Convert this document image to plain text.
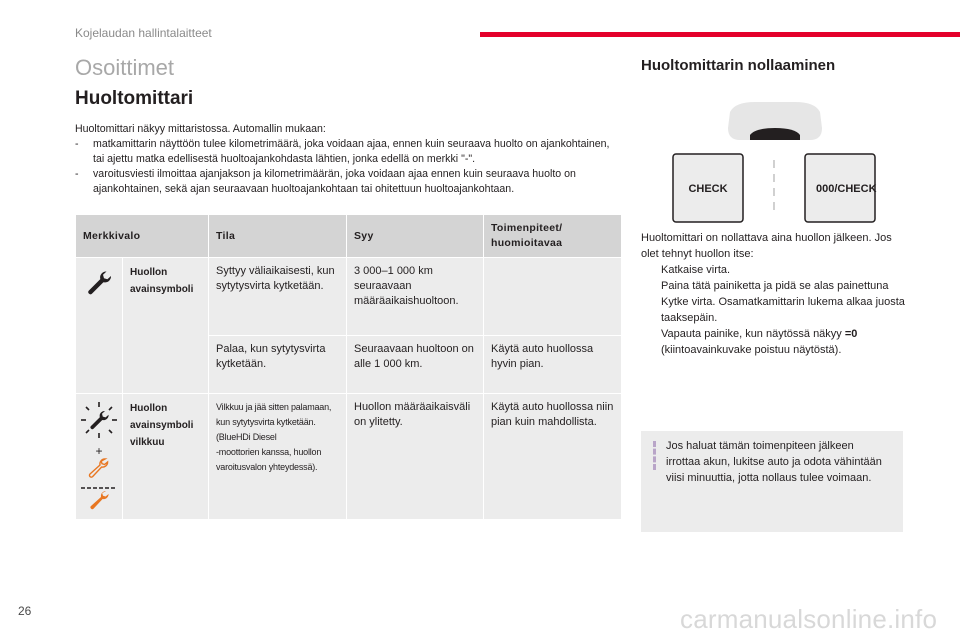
Kojelaudan hallintalaitteet
Osoittimet
Huoltomittari

Huoltomittari näkyy mittaristossa. Automallin mukaan:

- matkamittarin näyttöön tulee kilometrimäärä, joka voidaan ajaa, ennen kuin seuraava huolto on ajankohtainen, tai ajettu matka edellisestä huoltoajankohdasta lähtien, jonka edellä on merkki "-".

- varoitusviesti ilmoittaa ajanjakson ja kilometrimäärän, joka voidaan ajaa ennen kuin seuraava huolto on ajankohtainen, sekä ajan seuraavaan huoltoajankohtaan tai ohitettuun huoltoajankohtaan.

Merkkivalo		Tila	Syy	Toimenpiteet/ huomioitavaa
	Huollon avainsymboli	Syttyy väliaikaisesti, kun sytytysvirta kytketään.	3 000–1 000 km seuraavaan määräaikaishuoltoon.	
		Palaa, kun sytytysvirta kytketään.	Seuraavaan huoltoon on alle 1 000 km.	Käytä auto huollossa hyvin pian.

+	Huollon avainsymboli vilkkuu	Vilkkuu ja jää sitten palamaan, kun sytytysvirta kytketään.
(BlueHDi Diesel
-moottorien kanssa, huollon varoitusvalon yhteydessä).	Huollon määräaikaisväli on ylitetty.	Käytä auto huollossa niin pian kuin mahdollista.
Huoltomittarin nollaaminen
CHECK	000/CHECK

Huoltomittari on nollattava aina huollon jälkeen. Jos olet tehnyt huollon itse:

Katkaise virta.

Paina tätä painiketta ja pidä se alas painettuna

Kytke virta. Osamatkamittarin lukema alkaa juosta taaksepäin.

Vapauta painike, kun näytössä näkyy =0
(kiintoavainkuvake poistuu näytöstä).

Jos haluat tämän toimenpiteen jälkeen irrottaa akun, lukitse auto ja odota vähintään viisi minuuttia, jotta nollaus tulee voimaan.
26	carmanualsonline.info
